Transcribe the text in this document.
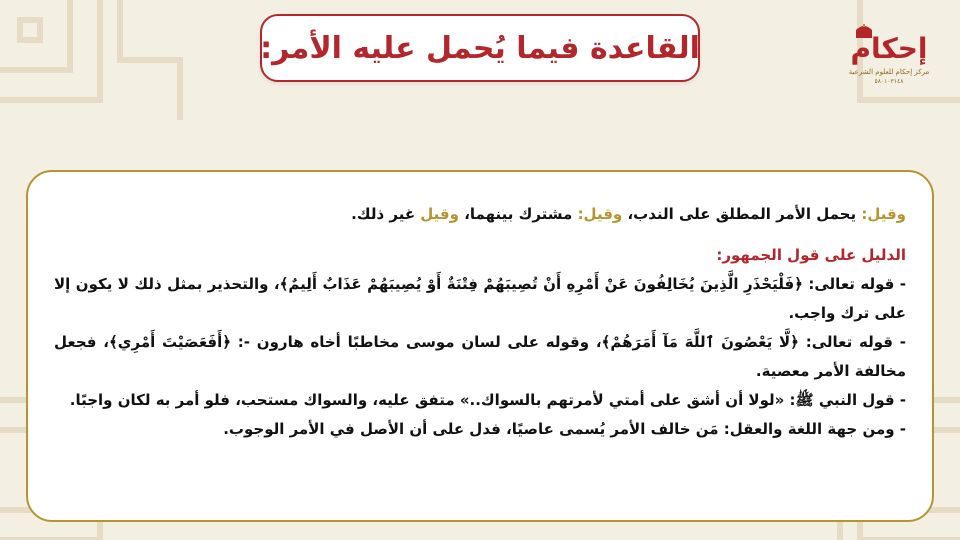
إحكام
مركز إحكام للعلوم الشرعية
٥٨٠١٠٣١٤٨
القاعدة فيما يُحمل عليه الأمر:

وقيل: يحمل الأمر المطلق على الندب، وقيل: مشترك بينهما، وقيل غير ذلك.

الدليل على قول الجمهور:

- قوله تعالى: ﴿فَلْيَحْذَرِ الَّذِينَ يُخَالِفُونَ عَنْ أَمْرِهِ أَنْ تُصِيبَهُمْ فِتْنَةٌ أَوْ يُصِيبَهُمْ عَذَابٌ أَلِيمٌ﴾، والتحذير بمثل ذلك لا يكون إلا على ترك واجب.

- قوله تعالى: ﴿لَّا يَعْصُونَ ٱللَّهَ مَآ أَمَرَهُمْ﴾، وقوله على لسان موسى مخاطبًا أخاه هارون -: ﴿أَفَعَصَيْتَ أَمْرِي﴾، فجعل مخالفة الأمر معصية.

- قول النبي ﷺ: «لولا أن أشق على أمتي لأمرتهم بالسواك..» متفق عليه، والسواك مستحب، فلو أمر به لكان واجبًا.

- ومن جهة اللغة والعقل: مَن خالف الأمر يُسمى عاصيًا، فدل على أن الأصل في الأمر الوجوب.
